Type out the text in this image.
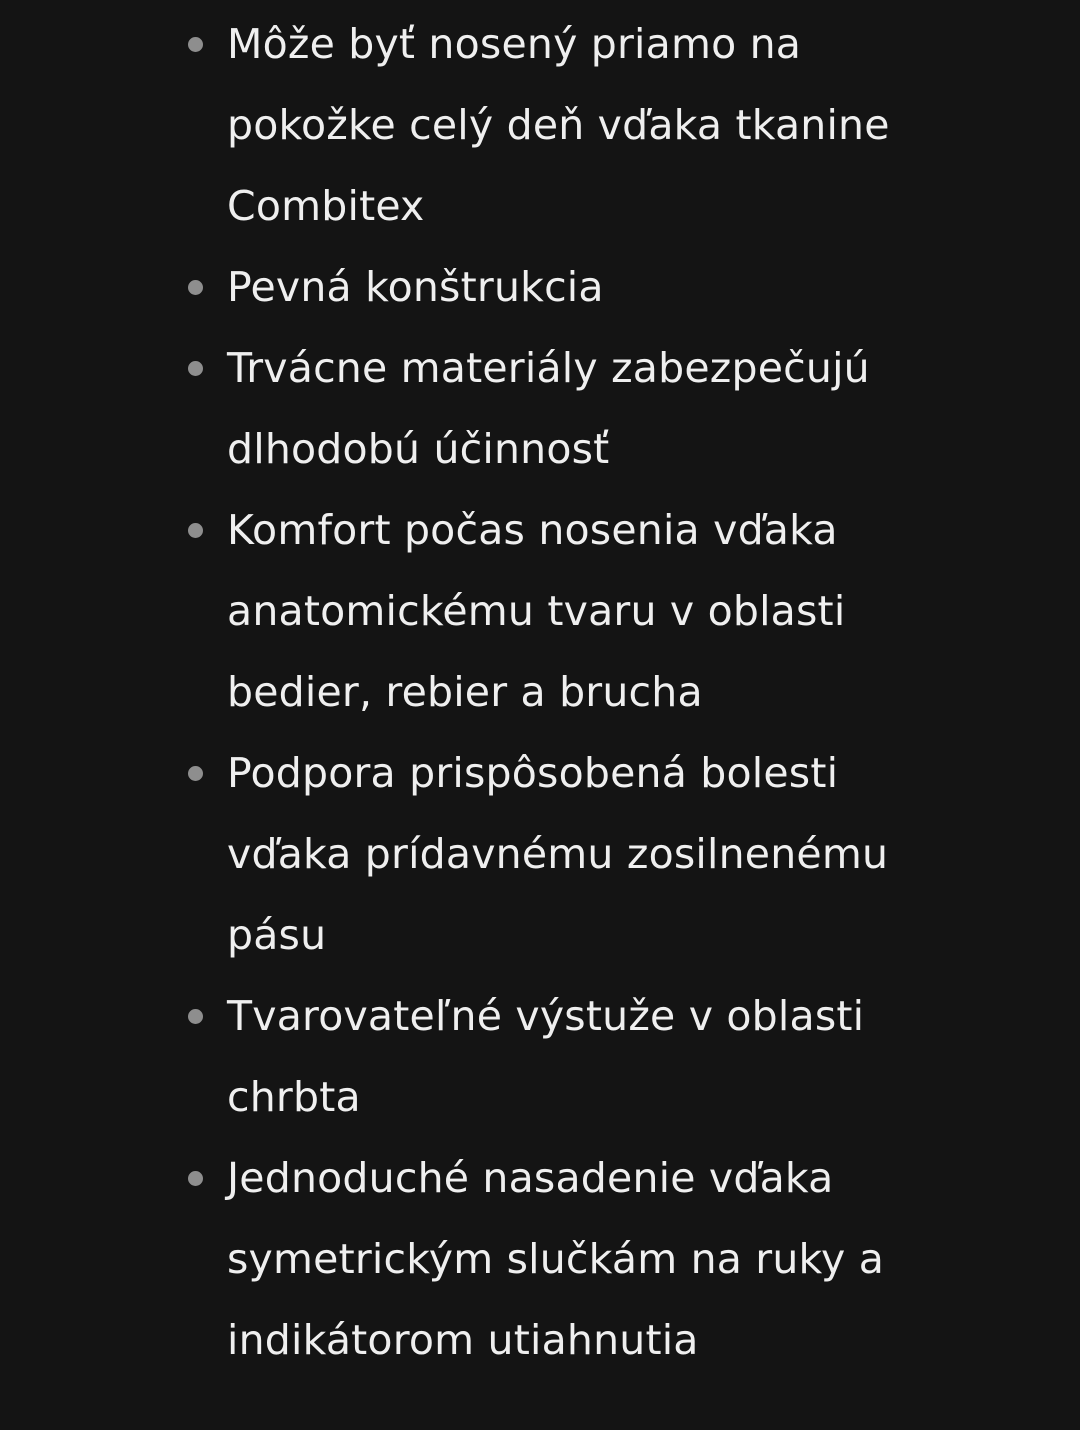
Môže byť nosený priamo na pokožke celý deň vďaka tkanine Combitex
Pevná konštrukcia
Trvácne materiály zabezpečujú dlhodobú účinnosť
Komfort počas nosenia vďaka anatomickému tvaru v oblasti bedier, rebier a brucha
Podpora prispôsobená bolesti vďaka prídavnému zosilnenému pásu
Tvarovateľné výstuže v oblasti chrbta
Jednoduché nasadenie vďaka symetrickým slučkám na ruky a indikátorom utiahnutia
